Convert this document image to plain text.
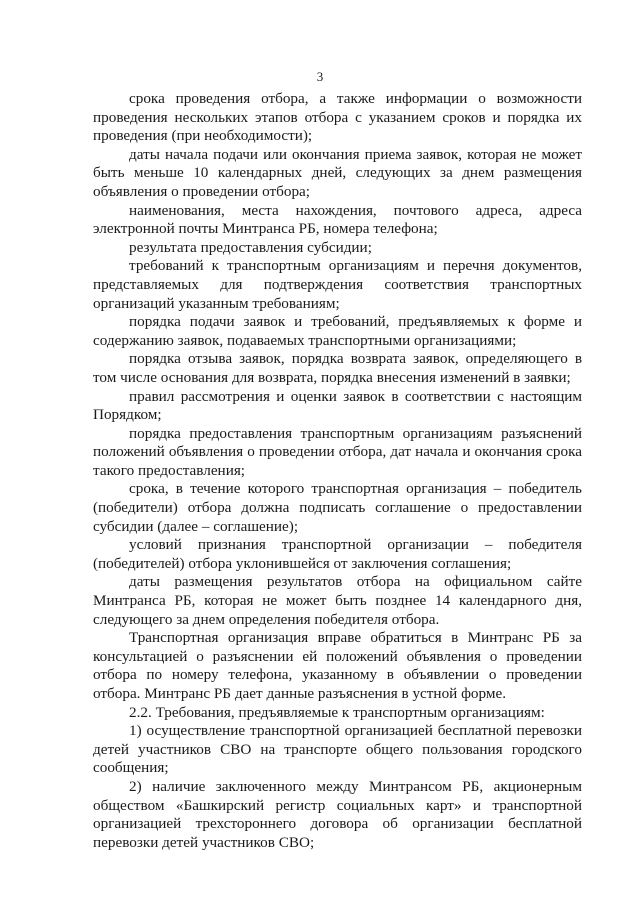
3

срока проведения отбора, а также информации о возможности проведения нескольких этапов отбора с указанием сроков и порядка их проведения (при необходимости);

даты начала подачи или окончания приема заявок, которая не может быть меньше 10 календарных дней, следующих за днем размещения объявления о проведении отбора;

наименования, места нахождения, почтового адреса, адреса электронной почты Минтранса РБ, номера телефона;

результата предоставления субсидии;

требований к транспортным организациям и перечня документов, представляемых для подтверждения соответствия транспортных организаций указанным требованиям;

порядка подачи заявок и требований, предъявляемых к форме и содержанию заявок, подаваемых транспортными организациями;

порядка отзыва заявок, порядка возврата заявок, определяющего в том числе основания для возврата, порядка внесения изменений в заявки;

правил рассмотрения и оценки заявок в соответствии с настоящим Порядком;

порядка предоставления транспортным организациям разъяснений положений объявления о проведении отбора, дат начала и окончания срока такого предоставления;

срока, в течение которого транспортная организация – победитель (победители) отбора должна подписать соглашение о предоставлении субсидии (далее – соглашение);

условий признания транспортной организации – победителя (победителей) отбора уклонившейся от заключения соглашения;

даты размещения результатов отбора на официальном сайте Минтранса РБ, которая не может быть позднее 14 календарного дня, следующего за днем определения победителя отбора.

Транспортная организация вправе обратиться в Минтранс РБ за консультацией о разъяснении ей положений объявления о проведении отбора по номеру телефона, указанному в объявлении о проведении отбора. Минтранс РБ дает данные разъяснения в устной форме.

2.2. Требования, предъявляемые к транспортным организациям:

1) осуществление транспортной организацией бесплатной перевозки детей участников СВО на транспорте общего пользования городского сообщения;

2) наличие заключенного между Минтрансом РБ, акционерным обществом «Башкирский регистр социальных карт» и транспортной организацией трехстороннего договора об организации бесплатной перевозки детей участников СВО;
